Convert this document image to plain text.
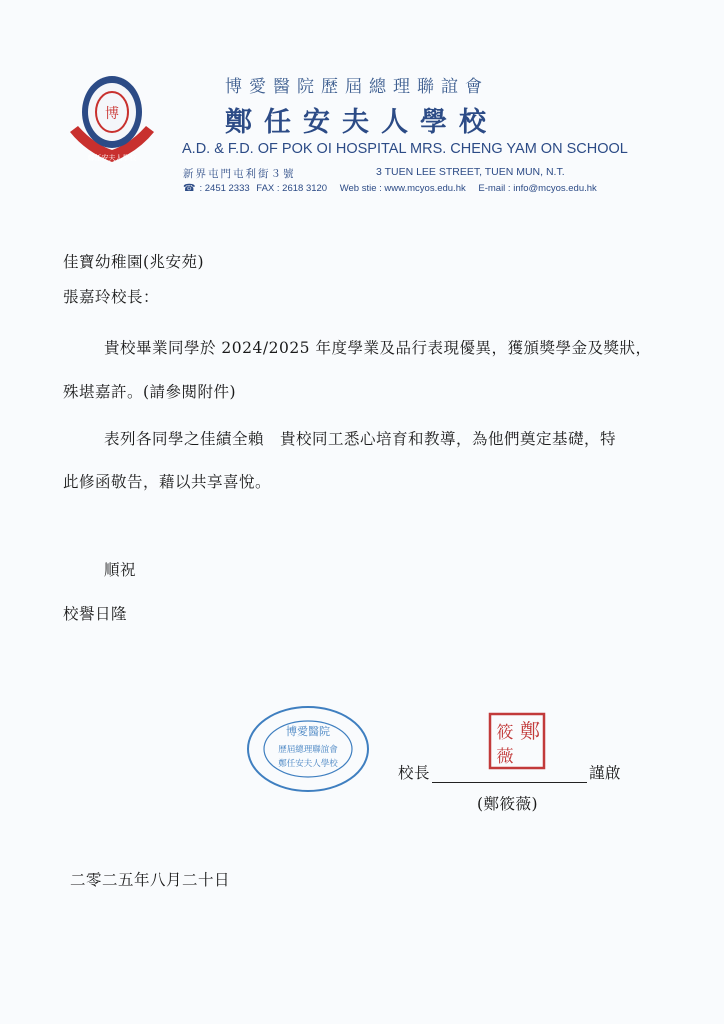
博
鄭任安夫人學校
博愛醫院歷屆總理聯誼會
鄭任安夫人學校
A.D. & F.D. OF POK OI HOSPITAL MRS. CHENG YAM ON SCHOOL
新界屯門屯利街３號	3 TUEN LEE STREET, TUEN MUN, N.T.
☎ : 2451 2333 FAX : 2618 3120 Web stie : www.mcyos.edu.hk E-mail : info@mcyos.edu.hk
佳寶幼稚園(兆安苑)
張嘉玲校長：
貴校畢業同學於 2024/2025 年度學業及品行表現優異，獲頒獎學金及獎狀，
殊堪嘉許。(請參閱附件)
表列各同學之佳績全賴　貴校同工悉心培育和教導，為他們奠定基礎，特
此修函敬告，藉以共享喜悅。
順祝
校譽日隆
博愛醫院
歷屆總理聯誼會
鄭任安夫人學校
鄭
筱
薇
校長	謹啟
(鄭筱薇)
二零二五年八月二十日
